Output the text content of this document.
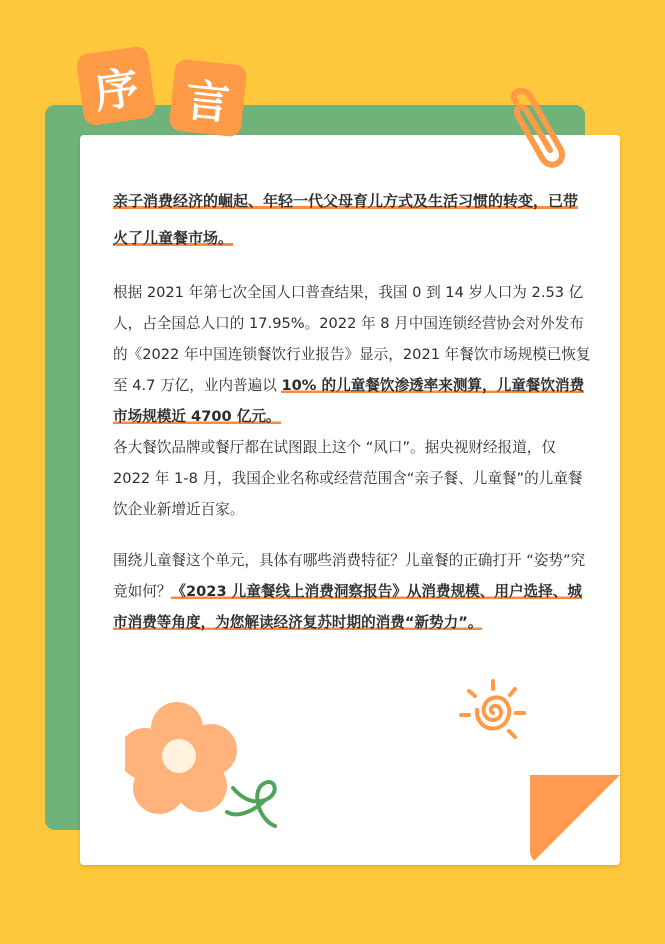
序 言

亲子消费经济的崛起、年轻一代父母育儿方式及生活习惯的转变，已带火了儿童餐市场。

根据 2021 年第七次全国人口普查结果，我国 0 到 14 岁人口为 2.53 亿人，占全国总人口的 17.95%。2022 年 8 月中国连锁经营协会对外发布的《2022 年中国连锁餐饮行业报告》显示，2021 年餐饮市场规模已恢复至 4.7 万亿，业内普遍以 10% 的儿童餐饮渗透率来测算，儿童餐饮消费市场规模近 4700 亿元。

各大餐饮品牌或餐厅都在试图跟上这个 “风口”。据央视财经报道，仅 2022 年 1-8 月，我国企业名称或经营范围含“亲子餐、儿童餐”的儿童餐饮企业新增近百家。

围绕儿童餐这个单元，具体有哪些消费特征？儿童餐的正确打开 “姿势”究竟如何？《2023 儿童餐线上消费洞察报告》从消费规模、用户选择、城市消费等角度，为您解读经济复苏时期的消费“新势力”。
